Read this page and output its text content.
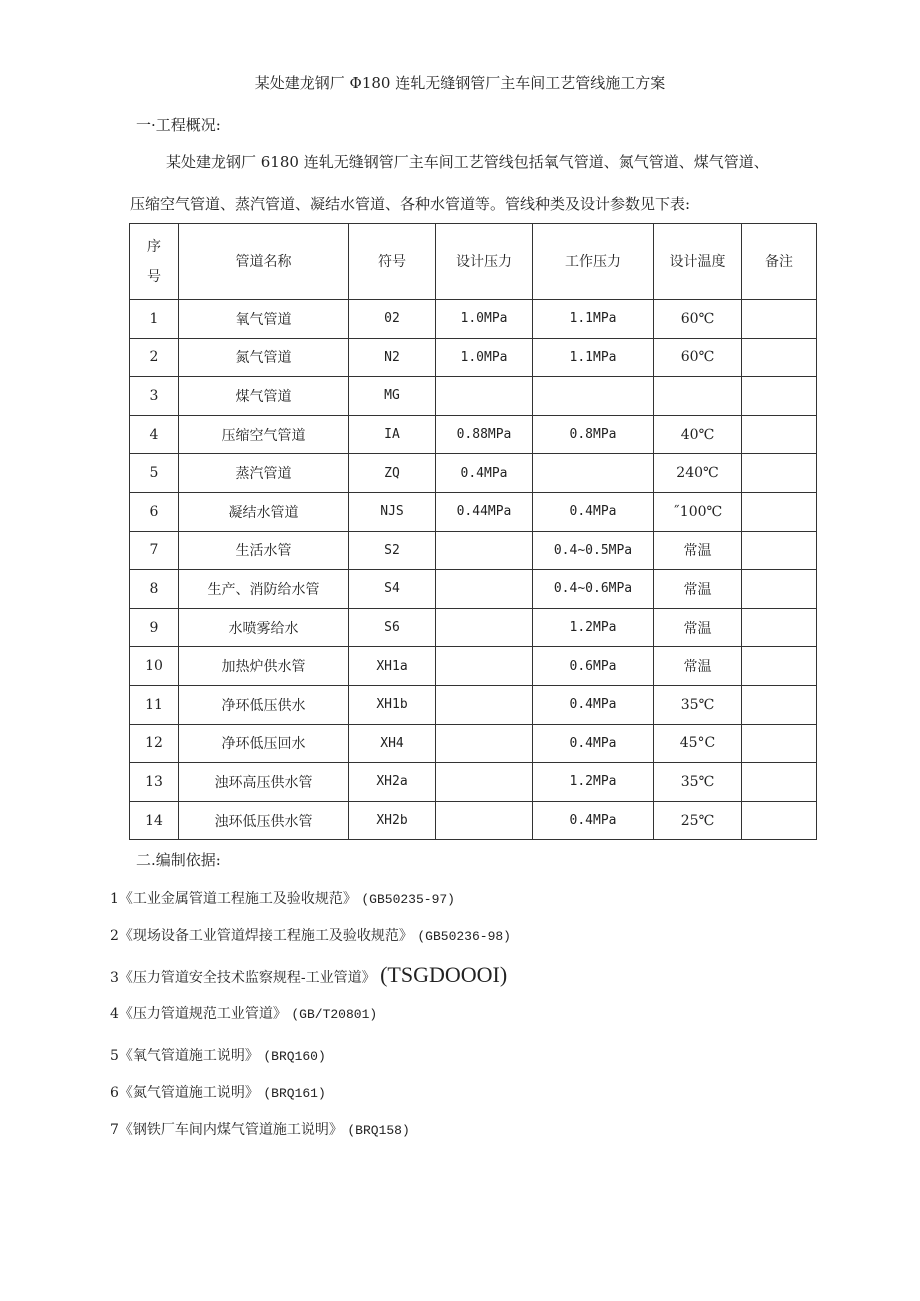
某处建龙钢厂 Φ180 连轧无缝钢管厂主车间工艺管线施工方案
一·工程概况:
某处建龙钢厂 6180 连轧无缝钢管厂主车间工艺管线包括氧气管道、氮气管道、煤气管道、
压缩空气管道、蒸汽管道、凝结水管道、各种水管道等。管线种类及设计参数见下表:
序
号	管道名称	符号	设计压力	工作压力	设计温度	备注
1	氧气管道	02	1.0MPa	1.1MPa	60℃	
2	氮气管道	N2	1.0MPa	1.1MPa	60℃	
3	煤气管道	MG				
4	压缩空气管道	IA	0.88MPa	0.8MPa	40℃	
5	蒸汽管道	ZQ	0.4MPa		240℃	
6	凝结水管道	NJS	0.44MPa	0.4MPa	˝100℃	
7	生活水管	S2		0.4~0.5MPa	常温	
8	生产、消防给水管	S4		0.4~0.6MPa	常温	
9	水喷雾给水	S6		1.2MPa	常温	
10	加热炉供水管	XH1a		0.6MPa	常温	
11	净环低压供水	XH1b		0.4MPa	35℃	
12	净环低压回水	XH4		0.4MPa	45°C	
13	浊环高压供水管	XH2a		1.2MPa	35℃	
14	浊环低压供水管	XH2b		0.4MPa	25℃	
二.编制依据:
1《工业金属管道工程施工及验收规范》 (GB50235-97)
2《现场设备工业管道焊接工程施工及验收规范》 (GB50236-98)
3《压力管道安全技术监察规程-工业管道》 (TSGDOOOI)
4《压力管道规范工业管道》 (GB/T20801)
5《氧气管道施工说明》 (BRQ160)
6《氮气管道施工说明》 (BRQ161)
7《钢铁厂车间内煤气管道施工说明》 (BRQ158)
